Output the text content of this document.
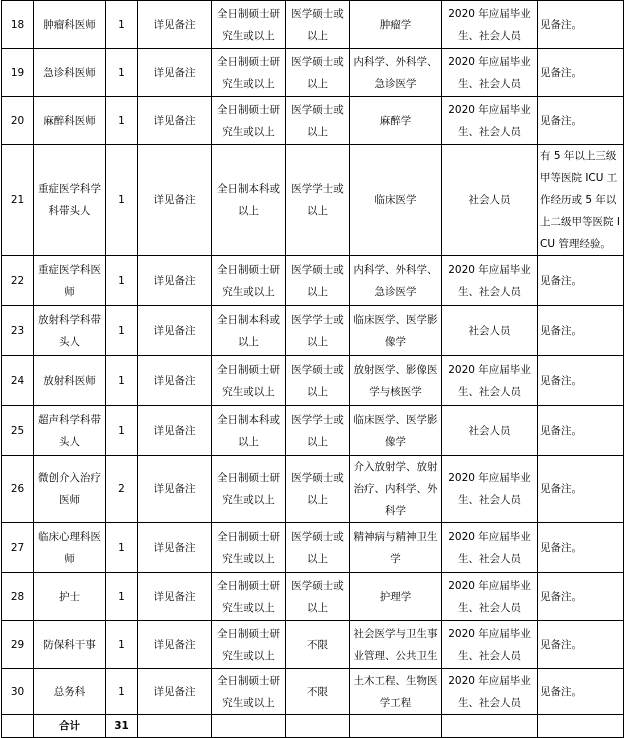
18	肿瘤科医师	1	详见备注	全日制硕士研究生或以上	医学硕士或以上	肿瘤学	2020 年应届毕业生、社会人员	见备注。
19	急诊科医师	1	详见备注	全日制硕士研究生或以上	医学硕士或以上	内科学、外科学、急诊医学	2020 年应届毕业生、社会人员	见备注。
20	麻醉科医师	1	详见备注	全日制硕士研究生或以上	医学硕士或以上	麻醉学	2020 年应届毕业生、社会人员	见备注。
21	重症医学科学科带头人	1	详见备注	全日制本科或以上	医学学士或以上	临床医学	社会人员	有 5 年以上三级甲等医院 ICU 工作经历或 5 年以上二级甲等医院 ICU 管理经验。
22	重症医学科医师	1	详见备注	全日制硕士研究生或以上	医学硕士或以上	内科学、外科学、急诊医学	2020 年应届毕业生、社会人员	见备注。
23	放射科学科带头人	1	详见备注	全日制本科或以上	医学学士或以上	临床医学、医学影像学	社会人员	见备注。
24	放射科医师	1	详见备注	全日制硕士研究生或以上	医学硕士或以上	放射医学、影像医学与核医学	2020 年应届毕业生、社会人员	见备注。
25	超声科学科带头人	1	详见备注	全日制本科或以上	医学学士或以上	临床医学、医学影像学	社会人员	见备注。
26	微创介入治疗医师	2	详见备注	全日制硕士研究生或以上	医学硕士或以上	介入放射学、放射治疗、内科学、外科学	2020 年应届毕业生、社会人员	见备注。
27	临床心理科医师	1	详见备注	全日制硕士研究生或以上	医学硕士或以上	精神病与精神卫生学	2020 年应届毕业生、社会人员	见备注。
28	护士	1	详见备注	全日制硕士研究生或以上	医学硕士或以上	护理学	2020 年应届毕业生、社会人员	见备注。
29	防保科干事	1	详见备注	全日制硕士研究生或以上	不限	社会医学与卫生事业管理、公共卫生	2020 年应届毕业生、社会人员	见备注。
30	总务科	1	详见备注	全日制硕士研究生或以上	不限	土木工程、生物医学工程	2020 年应届毕业生、社会人员	见备注。
	合计	31						
